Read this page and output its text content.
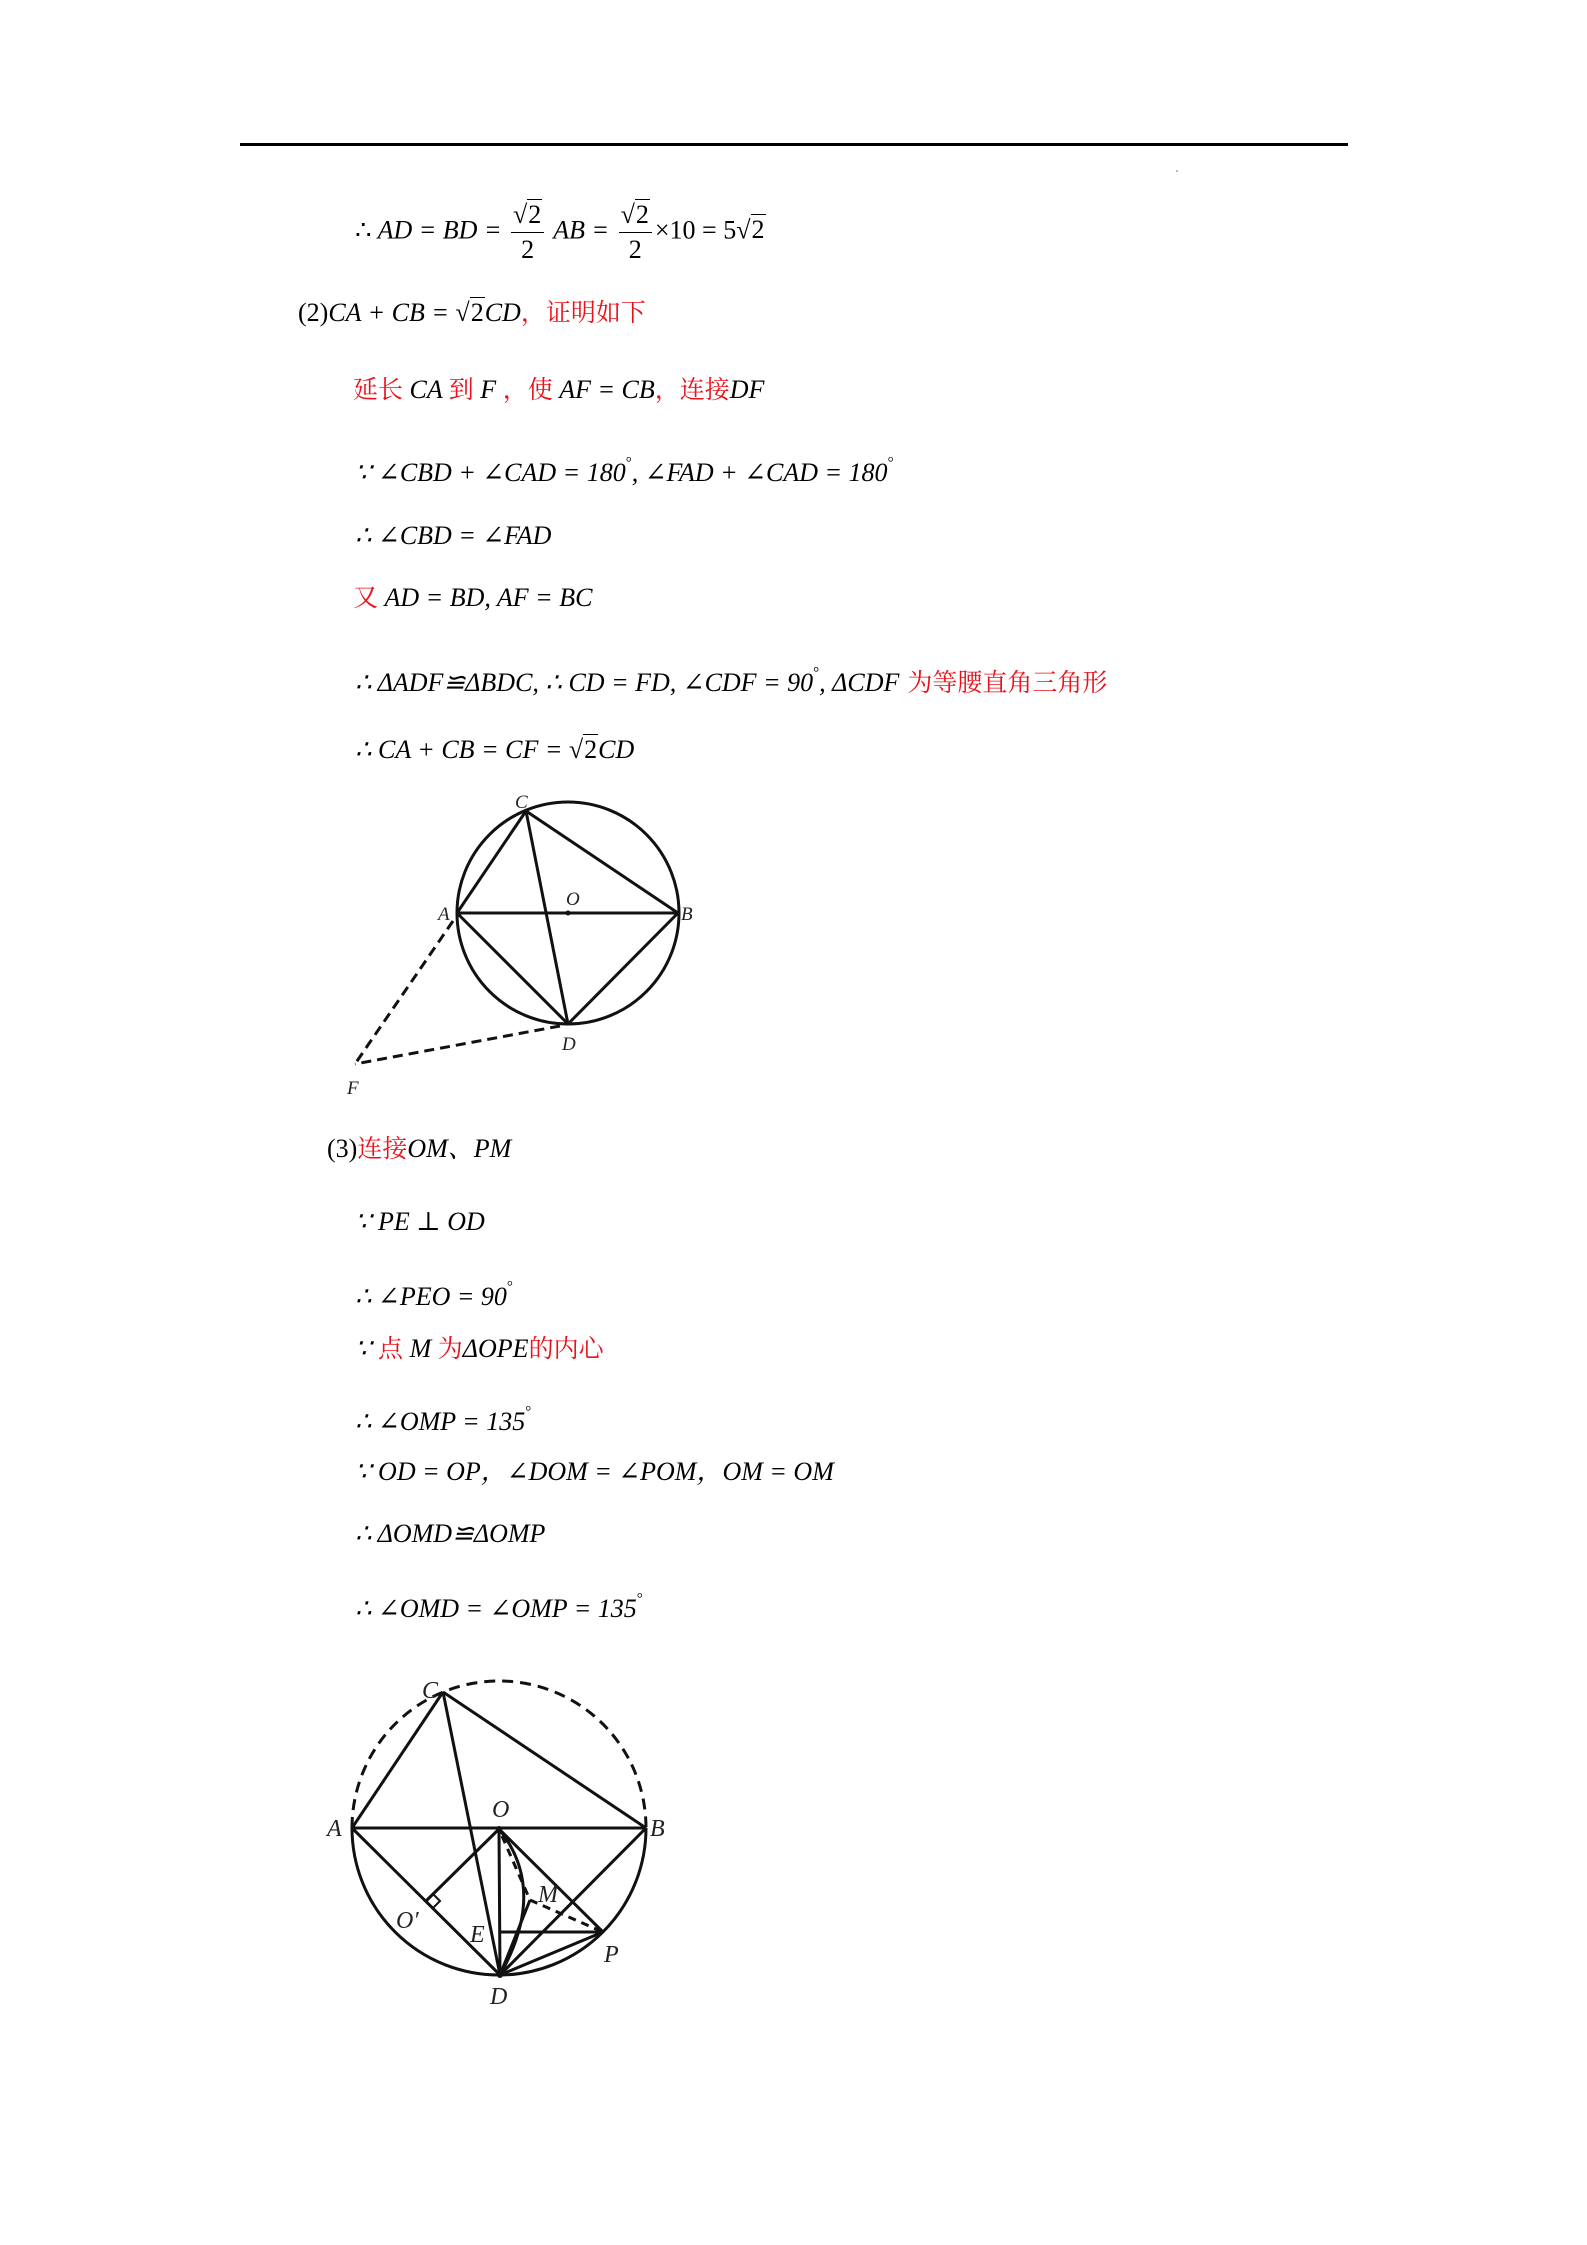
∴ AD = BD = $\frac{√2}{2}$ AB = $\frac{√2}{2} \times 10 = 5√2$
(2)CA + CB = √2CD，证明如下
延长 CA 到 F ，使 AF = CB，连接DF
∵ ∠CBD + ∠CAD = 180°, ∠FAD + ∠CAD = 180°
∴ ∠CBD = ∠FAD
又 AD = BD, AF = BC
∴ ΔADF≌ΔBDC, ∴ CD = FD, ∠CDF = 90°, ΔCDF 为等腰直角三角形
∴ CA + CB = CF = √2CD
C
A	B
O
D
F
(3)连接OM、PM
∵ PE ⊥ OD
∴ ∠PEO = 90°
∵ 点 M 为ΔOPE的内心
∴ ∠OMP = 135°
∵ OD = OP，∠DOM = ∠POM，OM = OM
∴ ΔOMD≌ΔOMP
∴ ∠OMD = ∠OMP = 135°
C
A	B
O
O′
E
M
P
D
